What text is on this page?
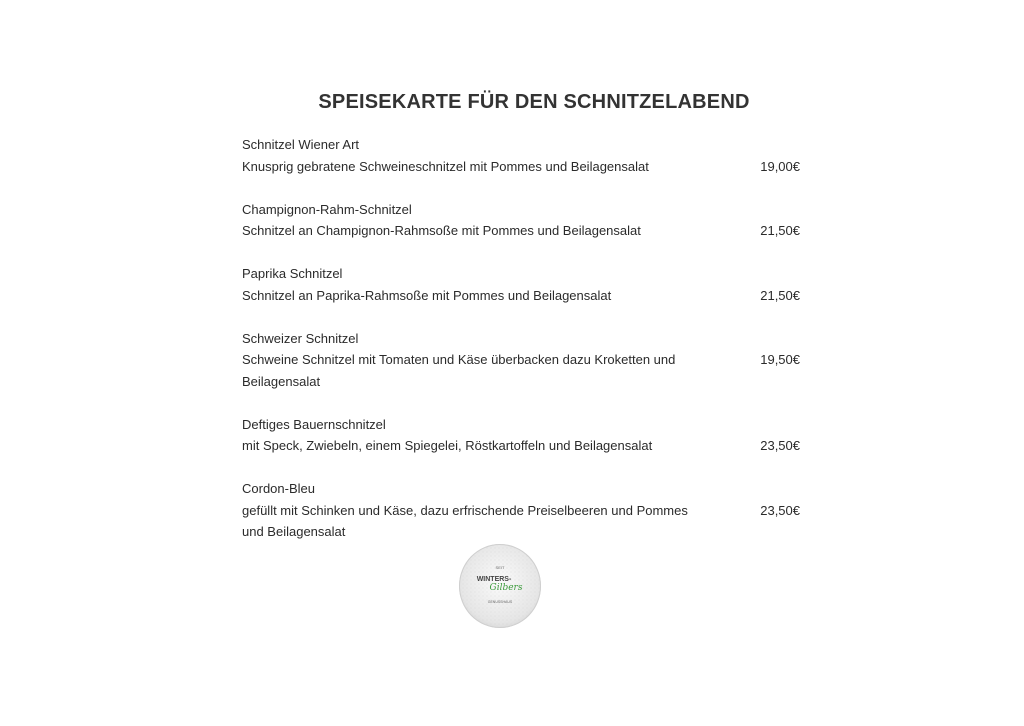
SPEISEKARTE FÜR DEN SCHNITZELABEND
Schnitzel Wiener Art
Knusprig gebratene Schweineschnitzel mit Pommes und Beilagensalat	19,00€
Champignon-Rahm-Schnitzel
Schnitzel an Champignon-Rahmsoße mit Pommes und Beilagensalat	21,50€
Paprika Schnitzel
Schnitzel an Paprika-Rahmsoße mit Pommes und Beilagensalat	21,50€
Schweizer Schnitzel
Schweine Schnitzel mit Tomaten und Käse überbacken dazu Kroketten und Beilagensalat
19,50€
Deftiges Bauernschnitzel
mit Speck, Zwiebeln, einem Spiegelei, Röstkartoffeln und Beilagensalat	23,50€
Cordon-Bleu
gefüllt mit Schinken und Käse, dazu erfrischende Preiselbeeren und Pommes und Beilagensalat
23,50€
SEIT
WINTERS-
Gilbers
GENUSSHAUS
